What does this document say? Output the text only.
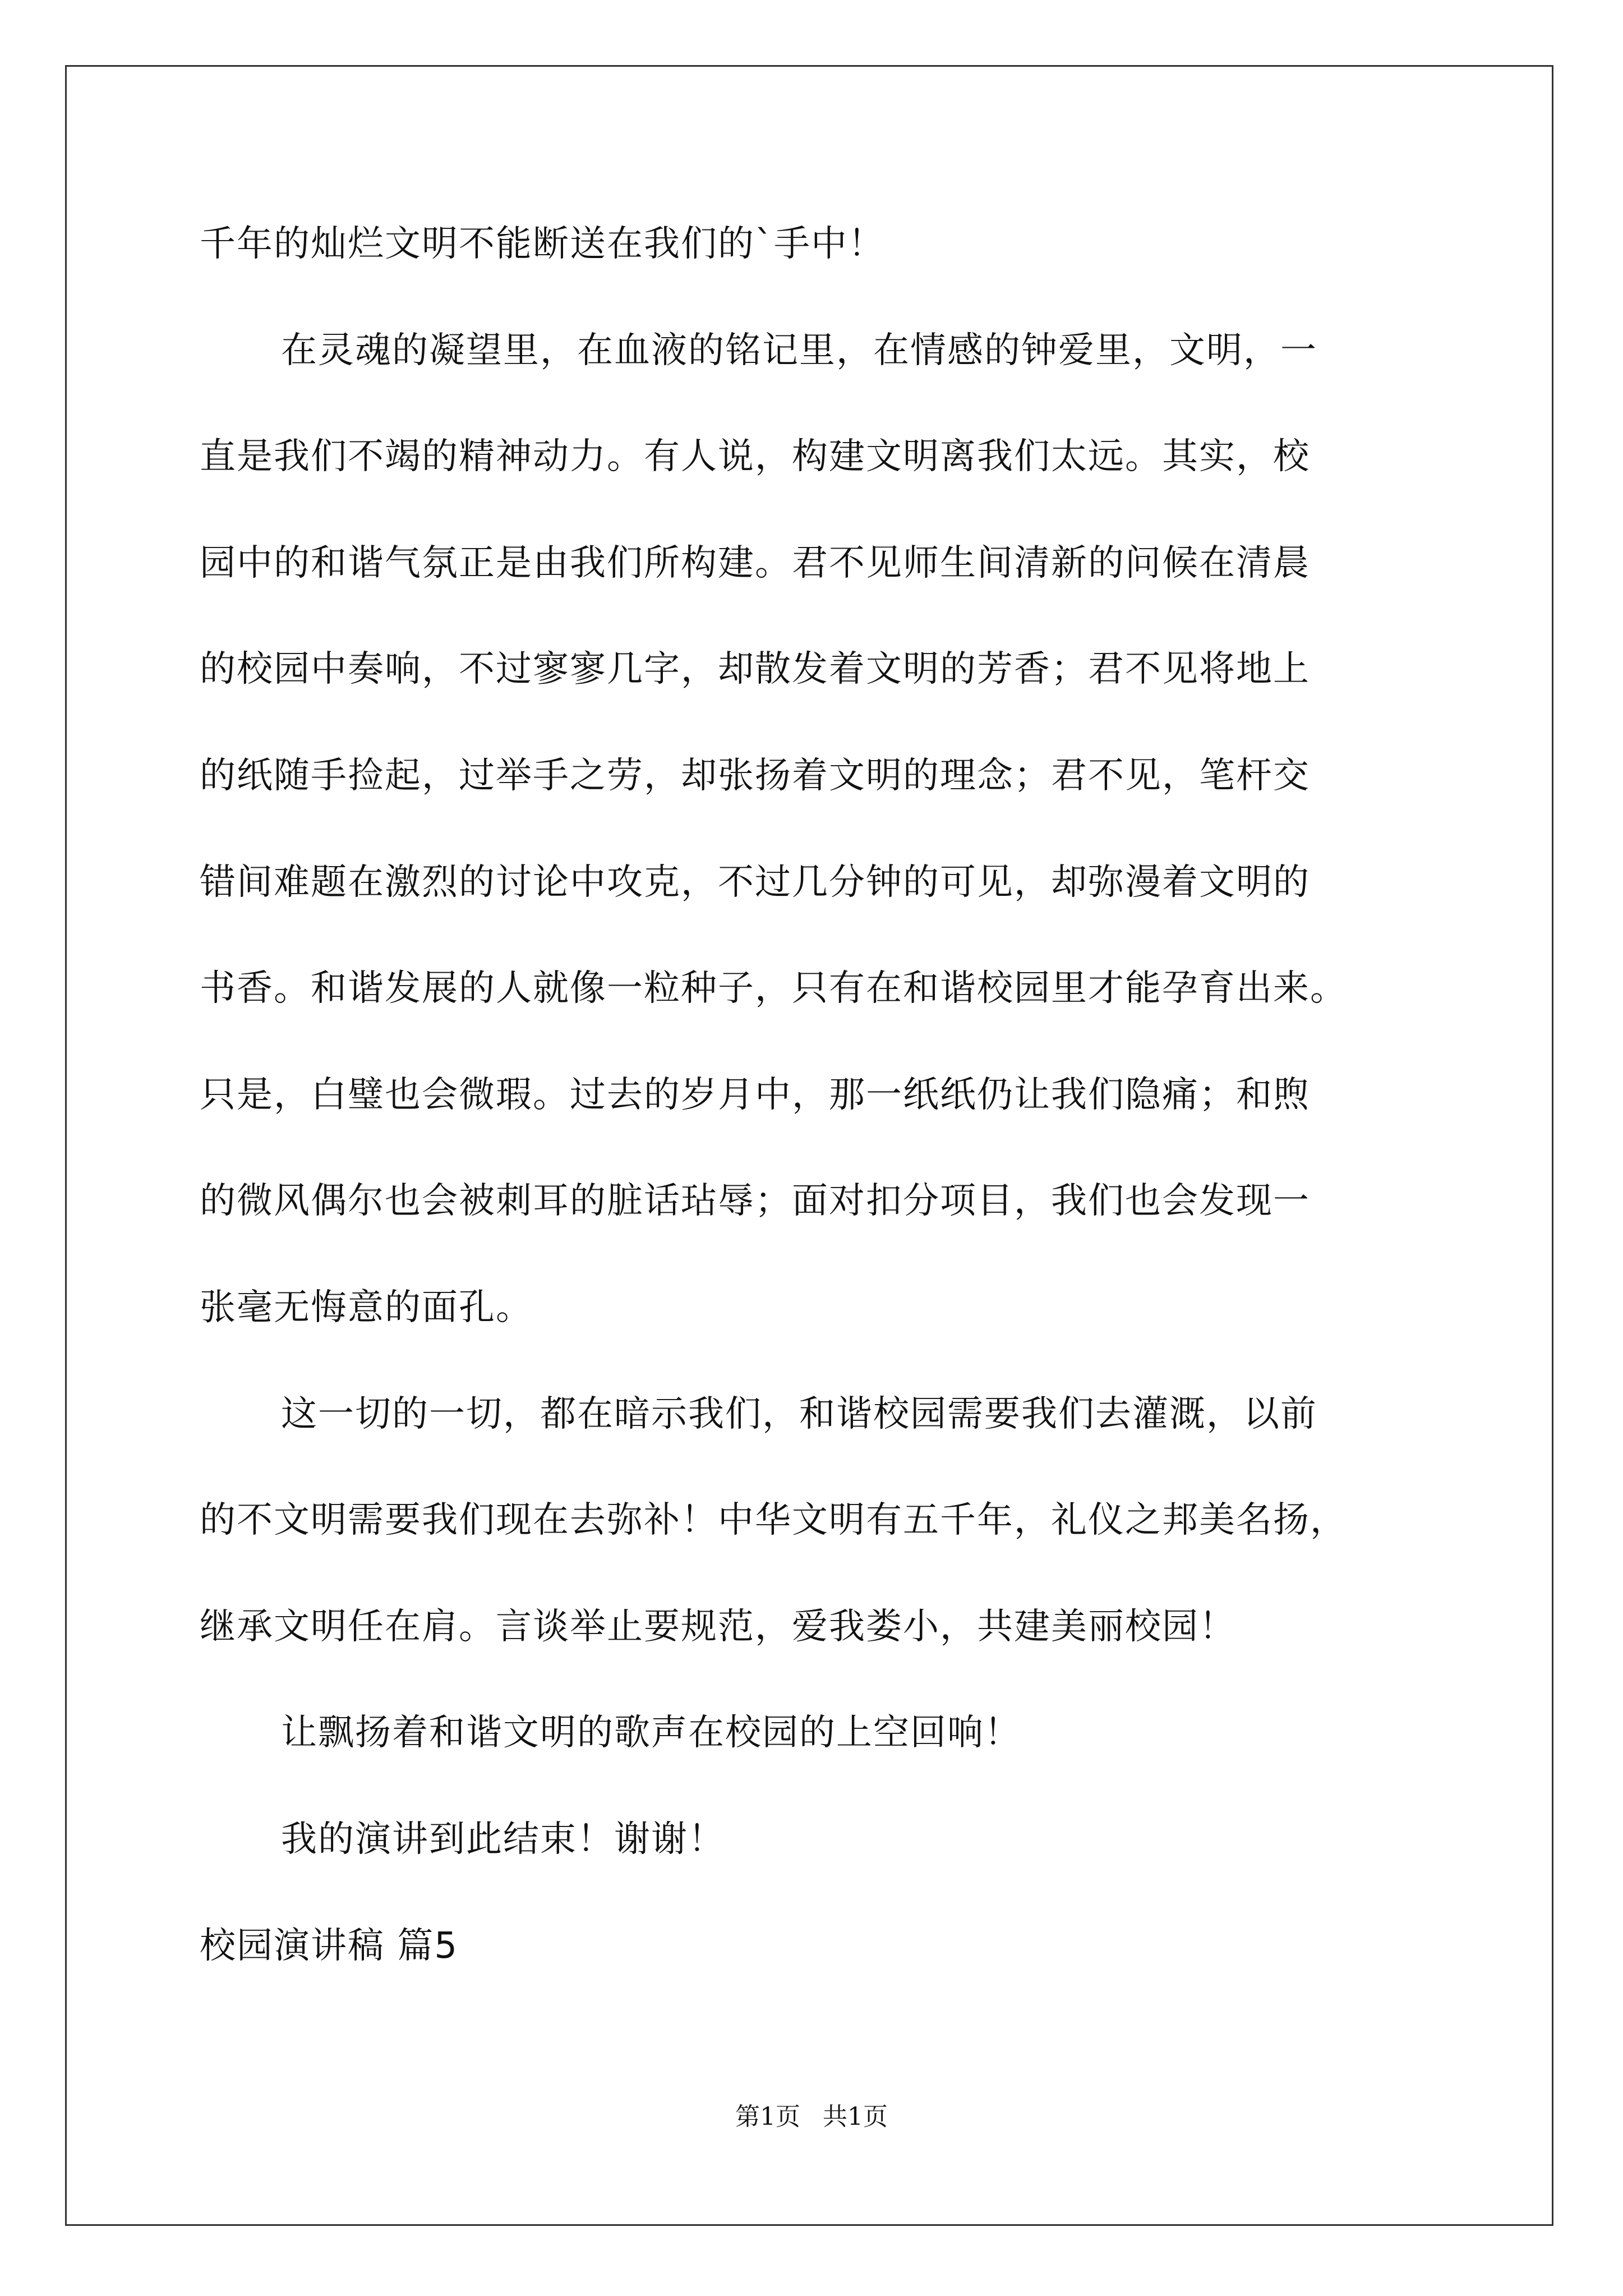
千年的灿烂文明不能断送在我们的`手中！
在灵魂的凝望里，在血液的铭记里，在情感的钟爱里，文明，一
直是我们不竭的精神动力。有人说，构建文明离我们太远。其实，校
园中的和谐气氛正是由我们所构建。君不见师生间清新的问候在清晨
的校园中奏响，不过寥寥几字，却散发着文明的芳香；君不见将地上
的纸随手捡起，过举手之劳，却张扬着文明的理念；君不见，笔杆交
错间难题在激烈的讨论中攻克，不过几分钟的可见，却弥漫着文明的
书香。和谐发展的人就像一粒种子，只有在和谐校园里才能孕育出来。
只是，白璧也会微瑕。过去的岁月中，那一纸纸仍让我们隐痛；和煦
的微风偶尔也会被刺耳的脏话玷辱；面对扣分项目，我们也会发现一
张毫无悔意的面孔。
这一切的一切，都在暗示我们，和谐校园需要我们去灌溉，以前
的不文明需要我们现在去弥补！中华文明有五千年，礼仪之邦美名扬，
继承文明任在肩。言谈举止要规范，爱我娄小，共建美丽校园！
让飘扬着和谐文明的歌声在校园的上空回响！
我的演讲到此结束！谢谢！
校园演讲稿 篇5
第1页 共1页
